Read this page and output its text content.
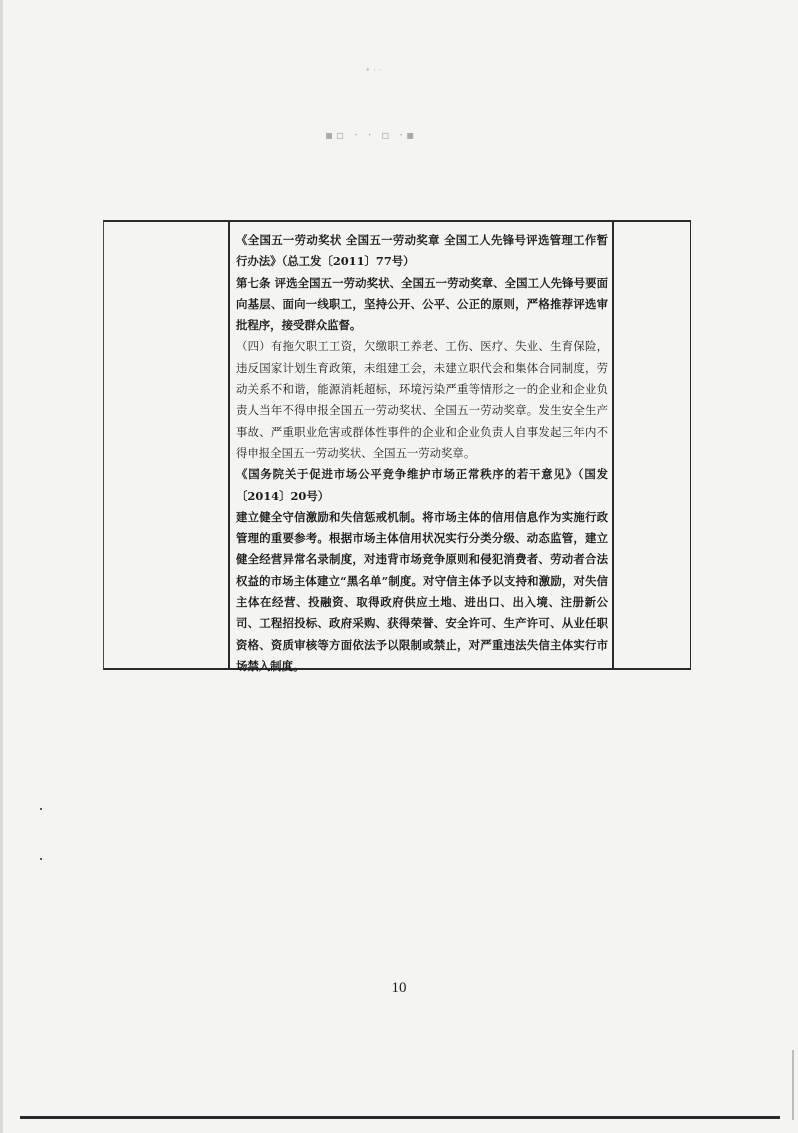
• · ·
▪▫ · · ▫ ·▪

《全国五一劳动奖状 全国五一劳动奖章 全国工人先锋号评选管理工作暂行办法》（总工发〔2011〕77号）

第七条 评选全国五一劳动奖状、全国五一劳动奖章、全国工人先锋号要面向基层、面向一线职工，坚持公开、公平、公正的原则，严格推荐评选审批程序，接受群众监督。

（四）有拖欠职工工资，欠缴职工养老、工伤、医疗、失业、生育保险，违反国家计划生育政策，未组建工会，未建立职代会和集体合同制度，劳动关系不和谐，能源消耗超标，环境污染严重等情形之一的企业和企业负责人当年不得申报全国五一劳动奖状、全国五一劳动奖章。发生安全生产事故、严重职业危害或群体性事件的企业和企业负责人自事发起三年内不得申报全国五一劳动奖状、全国五一劳动奖章。

《国务院关于促进市场公平竞争维护市场正常秩序的若干意见》（国发〔2014〕20号）

建立健全守信激励和失信惩戒机制。将市场主体的信用信息作为实施行政管理的重要参考。根据市场主体信用状况实行分类分级、动态监管，建立健全经营异常名录制度，对违背市场竞争原则和侵犯消费者、劳动者合法权益的市场主体建立“黑名单”制度。对守信主体予以支持和激励，对失信主体在经营、投融资、取得政府供应土地、进出口、出入境、注册新公司、工程招投标、政府采购、获得荣誉、安全许可、生产许可、从业任职资格、资质审核等方面依法予以限制或禁止，对严重违法失信主体实行市场禁入制度。

10
